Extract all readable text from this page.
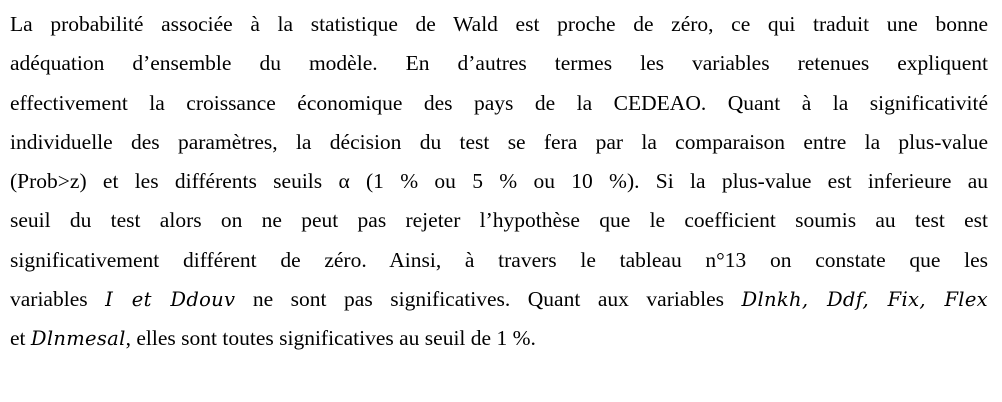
La probabilité associée à la statistique de Wald est proche de zéro, ce qui traduit une bonne
adéquation d’ensemble du modèle. En d’autres termes les variables retenues expliquent
effectivement la croissance économique des pays de la CEDEAO. Quant à la significativité
individuelle des paramètres, la décision du test se fera par la comparaison entre la plus-value
(Prob>z) et les différents seuils α (1 % ou 5 % ou 10 %). Si la plus-value est inferieure au
seuil du test alors on ne peut pas rejeter l’hypothèse que le coefficient soumis au test est
significativement différent de zéro. Ainsi, à travers le tableau n°13 on constate que les
variables I et Ddouv ne sont pas significatives. Quant aux variables Dlnkh, Ddf, Fix, Flex
et Dlnmesal, elles sont toutes significatives au seuil de 1 %.
